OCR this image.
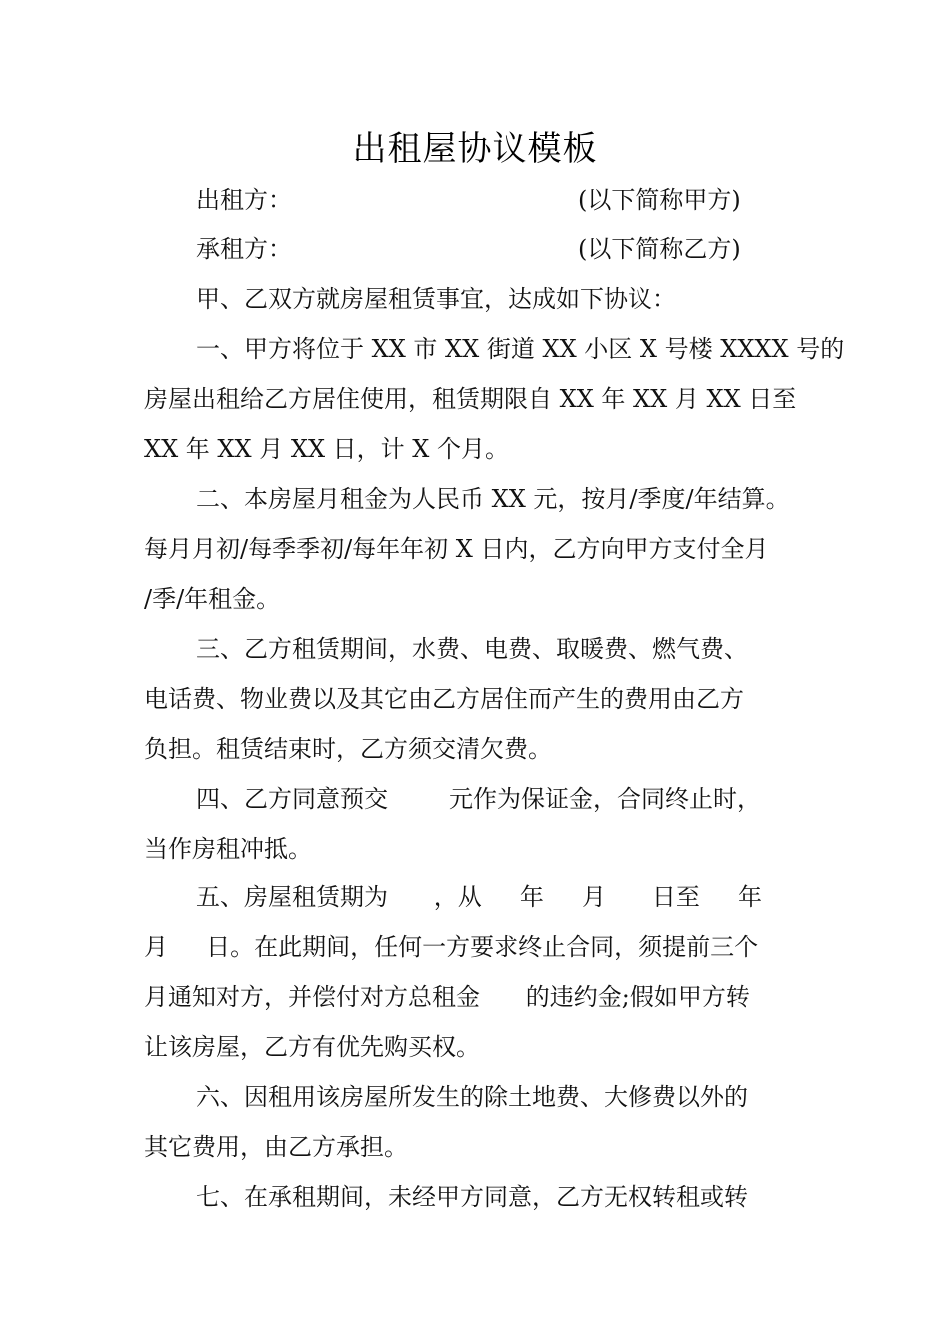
出租屋协议模板
出租方：	(以下简称甲方)
承租方：	(以下简称乙方)
甲、乙双方就房屋租赁事宜，达成如下协议：
一、甲方将位于 XX 市 XX 街道 XX 小区 X 号楼 XXXX 号的
房屋出租给乙方居住使用，租赁期限自 XX 年 XX 月 XX 日至
XX 年 XX 月 XX 日，计 X 个月。
二、本房屋月租金为人民币 XX 元，按月/季度/年结算。
每月月初/每季季初/每年年初 X 日内，乙方向甲方支付全月
/季/年租金。
三、乙方租赁期间，水费、电费、取暖费、燃气费、
电话费、物业费以及其它由乙方居住而产生的费用由乙方
负担。租赁结束时，乙方须交清欠费。
四、乙方同意预交        元作为保证金，合同终止时，
当作房租冲抵。
五、房屋租赁期为      ，从     年     月      日至     年
月     日。在此期间，任何一方要求终止合同，须提前三个
月通知对方，并偿付对方总租金      的违约金;假如甲方转
让该房屋，乙方有优先购买权。
六、因租用该房屋所发生的除土地费、大修费以外的
其它费用，由乙方承担。
七、在承租期间，未经甲方同意，乙方无权转租或转
